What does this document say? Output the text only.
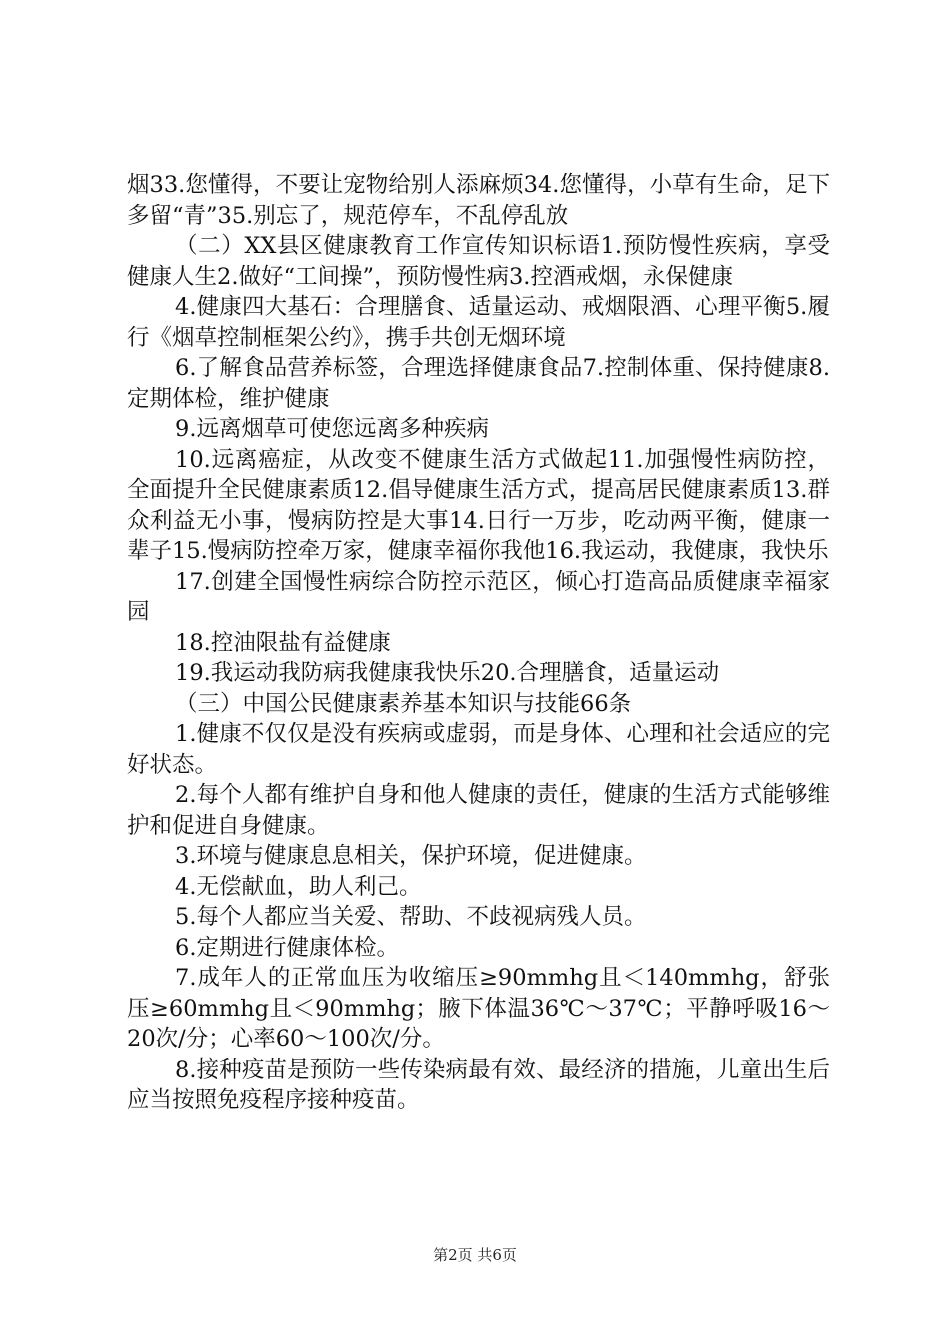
烟33.您懂得，不要让宠物给别人添麻烦34.您懂得，小草有生命，足下多留“青”35.别忘了，规范停车，不乱停乱放

（二）XX县区健康教育工作宣传知识标语1.预防慢性疾病，享受健康人生2.做好“工间操”，预防慢性病3.控酒戒烟，永保健康

4.健康四大基石：合理膳食、适量运动、戒烟限酒、心理平衡5.履行《烟草控制框架公约》，携手共创无烟环境

6.了解食品营养标签，合理选择健康食品7.控制体重、保持健康8.定期体检，维护健康

9.远离烟草可使您远离多种疾病

10.远离癌症，从改变不健康生活方式做起11.加强慢性病防控，全面提升全民健康素质12.倡导健康生活方式，提高居民健康素质13.群众利益无小事，慢病防控是大事14.日行一万步，吃动两平衡，健康一辈子15.慢病防控牵万家，健康幸福你我他16.我运动，我健康，我快乐

17.创建全国慢性病综合防控示范区，倾心打造高品质健康幸福家园

18.控油限盐有益健康

19.我运动我防病我健康我快乐20.合理膳食，适量运动

（三）中国公民健康素养基本知识与技能66条

1.健康不仅仅是没有疾病或虚弱，而是身体、心理和社会适应的完好状态。

2.每个人都有维护自身和他人健康的责任，健康的生活方式能够维护和促进自身健康。

3.环境与健康息息相关，保护环境，促进健康。

4.无偿献血，助人利己。

5.每个人都应当关爱、帮助、不歧视病残人员。

6.定期进行健康体检。

7.成年人的正常血压为收缩压≥90mmhg且＜140mmhg，舒张压≥60mmhg且＜90mmhg；腋下体温36℃～37℃；平静呼吸16～20次/分；心率60～100次/分。

8.接种疫苗是预防一些传染病最有效、最经济的措施，儿童出生后应当按照免疫程序接种疫苗。

第2页 共6页
